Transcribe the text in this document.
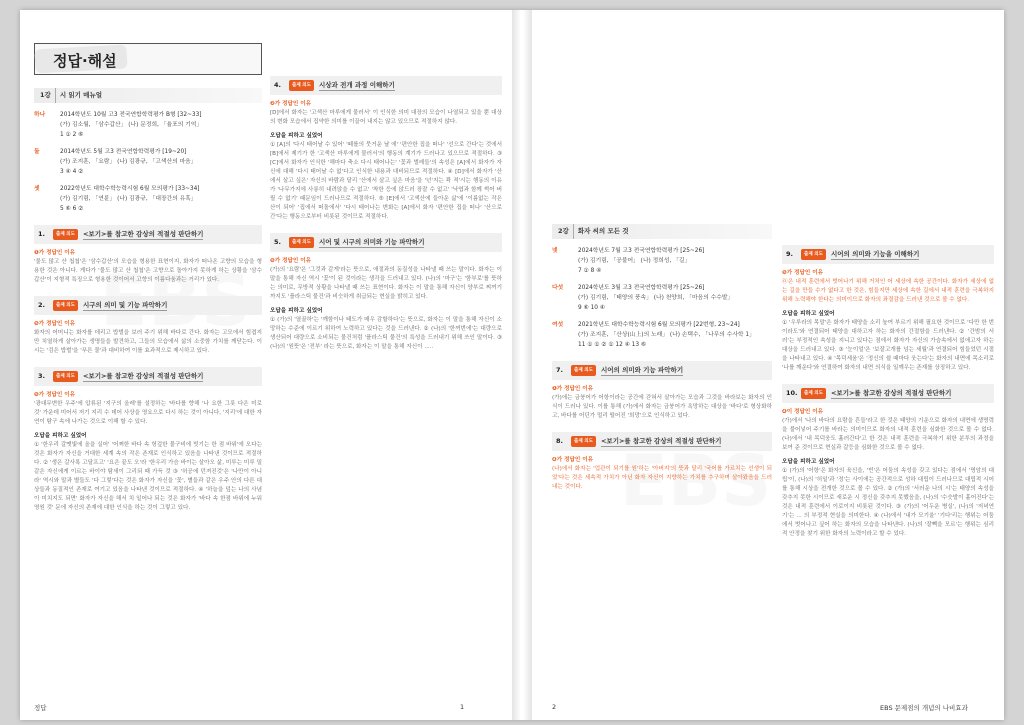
정답·해설
1강 시 읽기 매뉴얼
하나	2014학년도 10월 고3 전국연합학력평가 B형 [32~33]
(가) 김소월, 「삼수갑산」 (나) 문정희, 「율포의 기억」
1 ① 2 ⑥
둘	2014학년도 5월 고3 전국연합학력평가 [19~20]
(가) 조지훈, 「요람」 (나) 김광규, 「고색산의 마음」
3 ④ 4 ②
셋	2022학년도 대학수학능력시험 6월 모의평가 [33~34]
(가) 김기림, 「연륜」 (나) 김광규, 「대장간의 유혹」
5 ⑥ 6 ②
1.	출제 의도	<보기>를 참고한 감상의 적절성 판단하기
❶가 정답인 이유
'물도 많고 산 첩첩'은 '삼수갑산'의 모습을 형용한 표현이지, 화자가 떠나온 고향의 모습을 형용한 것은 아니다. 게다가 '물도 많고 산 첩첩'은 고향으로 돌아가지 못하게 하는 상황을 '삼수갑산'이 지형적 특징으로 형용한 것이어서 고향의 이름다움과는 거리가 있다.
2.	출제 의도	시구의 의미 및 기능 파악하기
❺가 정답인 이유
화자의 어머니는 화자를 데리고 밥벌을 보러 주기 위해 바다로 간다. 화자는 고모에서 힘겹지만 치열하게 살아가는 생명들을 발견하고, 그들의 모습에서 삶의 소중함 가치를 깨닫는다. 이 시는 '검은 밥벌'을 '푸른 물'과 대비하여 이를 효과적으로 제시하고 있다.
3.	출제 의도	<보기>를 참고한 감상의 적절성 판단하기
❺가 정답인 이유
'광대무변한 우주'에 압류된 '지구의 올레'를 설정하는 '바다를 향해 '나 요한 그릇 다은 미로 것' 가운데 미어서 저기 지리 수 데어 사상을 영요으로 다시 하는 것이 아니다, '지리'에 대한 자연이 탐구 속에 나가는 것으로 이해 할 수 있다.
오답을 피하고 싶었어
① '한우리 갈맷빛에 올을 실어' '어쩌한 바다 속 헝겊한 물구비에 빗기는 한 점 바위'에 오다는 것은 화자가 자신을 거대한 세계 속의 작은 존재로 인식하고 있음을 나타낸 것이므로 적절하다. ② '생은 갈사록 고달프고' '요은 끝도 오'라 '한우리 가슴 바이는 살아오 삶, 미루는 미루 밀 같은 자신에게 이르는 바이야 탐새이 그리되 때 가득 것 ③ '허공에 던져진것'은 '나만이 아니라' 역시와 말과 별들도 '다 그렇'다는 것은 화자가 자신을 '꽃', 별들과 같은 우주 안의 다른 대상들과 동질적인 존재로 여기고 있음을 나타낸 것이므로 적절하다. ④ '하늘을 덮는 나의 사념이 미치지도 되면' 화자가 자신을 해서 치 일어나 되는 것은 화자가 '바다 속 한점 바위에 누워 영원 것' 문에 자신의 존재에 대한 인식을 하는 것이 그렇고 있다.
4.	출제 의도	시상과 전개 과정 이해하기
❷가 정답인 이유
[D]에서 화자는 '고색산 마루에게 물러서' 이 인식한 의미 대장의 모습이 나열되고 있을 뿐 대상의 변화 모습에서 집약한 의미를 이끌어 내지는 않고 있으므로 적절하지 않다.
오답을 피하고 싶었어
① [A]의 '다시 태어날 수 있어' '떼를의 뭇거운 날 에' '편안한 집을 떠나' '선으로 간다'는 것에서 [B]에서 제기가 한 '고색산 마루에게 물러서'의 행동의 계기가 드러나고 있으므로 적절하다. ③ [C]에서 화자가 인식한 '해마다 축소 다시 태어나는' '꽃과 벌레들'의 속성은 [A]에서 화자가 자신에 대해 '다시 태어날 수 없'다고 인식한 내용과 대비되므로 적절하다. ④ [D]에서 화자가 '산에서 살고 싶은' 자신의 바람과 달리 '산에서 살고 싶은 마음'을 '넌'지는 꽉 적'시는 행동의 이유가 '나무가지에 사롱히 내려앉을 수 없고' '착한 등에 앉드러 장잘 수 없고' '낙엽과 함께 썩어 버릴 수 없기' 때문임이 드러나므로 적절하다. ⑤ [E]에서 '고색산에 들아운 삶'에 '이름없는 작은 산이 되어' '집에서 떠돌에서' '다시 태어나는 변화는 [A]에서 화자 '편안한 집을 떠나' '산으로 간'다는 행동으로부터 비롯된 것이므로 적절하다.
5.	출제 의도	시어 및 시구의 의미와 기능 파악하기
❺가 정답인 이유
(가)의 '요람'은 '그것과 같게'라는 뜻으로, 애절과의 동질성을 나타낼 때 쓰는 말이다. 화자는 이 말을 통해 자신 역시 '꽃'이 된 것이라는 생각을 드러내고 있다. (나)의 '마구'는 '함부로'를 뜻하는 의미로, 무방적 상황을 나타낼 때 쓰는 표현이다. 화자는 이 말을 통해 자신이 양부로 찌꺼기까지도 '플라스틱 물건'과 비슷하게 취급되는 현실을 밝히고 있다.
오답을 피하고 싶었어
① (가)의 '열꿀하'는 '깨함이나 태도가 매우 감할하다'는 뜻으로, 화자는 이 말을 통해 자신이 소망하는 수준에 이르기 위하여 노력하고 있다는 것을 드러낸다. ② (나)의 '한꺼번에'는 대량으로 생산되어 대량으로 소비되는 물건처럼 '플라스틱 물건'의 특성을 드러내기 위해 쓰인 말이다. ③ (나)의 '원뜻'은 '전부' 라는 뜻으로, 화자는 이 말을 통해 자신이 .....
정답	1
2강 화자 씨의 모든 것
넷	2024학년도 7월 고3 전국연합학력평가 [25~26]
(가) 김기림, 「공불어」 (나) 정희성, 「길」
7 ① 8 ④
다섯	2024학년도 3월 고3 전국연합학력평가 [25~26]
(가) 김기림, 「태양의 풍속」 (나) 천양희, 「마음의 수수발」
9 ⑥ 10 ④
여섯	2021학년도 대학수학능력시험 6월 모의평가 [22번형, 23~24]
(가) 조지훈, 「산상(山上)의 노래」 (나) 손택수, 「나무의 수사학 1」
11 ① ① ② ① 12 ④ 13 ⑥
7.	출제 의도	시어의 의미와 기능 파악하기
❶가 정답인 이유
(가)에는 금붕어가 어항이라는 공간에 갇혀서 살아가는 모습과 그것을 바라보는 화자의 인식이 드러나 있다. 이를 통해 (가)에서 화자는 금붕어가 욕망하는 대상을 '바다'로 형상화하고, 바다를 어딘가 멀리 떨어진 '희망'으로 인식하고 있다.
8.	출제 의도	<보기>를 참고한 감상의 적절성 판단하기
❹가 정답인 이유
(나)에서 화자는 '업관이 되기를 원'하는 '아버지'의 뜻과 달리 '국어를 가르치는 선생이 되었'다는 것은 세속적 가치가 아닌 화자 자신이 지향하는 가치를 추구하며 살아왔음을 드러내는 것이다.
9.	출제 의도	시어의 의미와 기능을 이해하기
❺가 정답인 이유
㉤은 내적 훈련에서 벗어나기 위해 거처인 어 세상에 속한 공간이다. 화자가 세상에 없는 길을 만들 수가 없다고 한 것은, 힘들지만 세상에 속한 길에서 내적 훈련을 극복하지 위해 노력해야 한다는 의미이므로 화자의 좌절감을 드러낸 것으로 볼 수 없다.
오답을 피하고 싶었어
① '우루라의 목말'은 화자가 태양을 소리 높여 부르기 위해 필요한 것이므로 '다만 한 번이라도'와 연결되어 태양을 대하고자 하는 화자의 간절함을 드러낸다. ② '간밤의 서러'는 부정적인 속성을 지니고 있다는 점에서 화자가 자신의 가슴속에서 없애고자 하는 대상을 드러내고 있다. ③ '눈이얼'은 '보잘고개를 넘는 세월'과 연결되어 힘들었던 시절을 나타내고 있다. ④ '목덕세움'은 '정신의 쉴 때마다 웃는다'는 화자의 내면에 목소리로 '나를 깨운다'와 연결하여 화자의 내면 의식을 일깨우는 존재를 상징하고 있다.
10.	출제 의도	<보기>를 참고한 감상의 적절성 판단하기
❹이 정답인 이유
(가)에서 '나의 바다의 요람을 흔들'라고 한 것은 태양의 기운으로 화자의 내면에 생명력을 불어넣어 주기를 바라는 의미이므로 화자의 내적 훈련을 심화한 것으로 볼 수 없다. (나)에서 '내 목덕웅도 흘러간다'고 한 것은 내적 훈련을 극복하기 위한 분투의 과정을 보여 준 것이므로 현실과 갈등을 심화한 것으로 볼 수 없다.
오답을 피하고 싶었어
① (가)의 '어항'은 화자의 육신을, '빈'은 어둠의 속성을 갖고 있다는 점에서 '명암의 대립'이, (나)의 '허일'과 '정'는 사이에는 공간적으로 성하 대립이 드러나므로 대립적 시어를 통해 시상을 전개한 것으로 볼 수 있다. ② (가)의 '서러운 나의 시'는 태양의 속성을 갖추지 못한 시이므로 새로운 시 정신을 갖추지 못했음을, (나)의 '수숫발이 흩어진다'는 것은 내적 훈련에서 이로이지 비롯된 것이다. ③ (가)의 '어두운 병실', (나)의 '저녁연기'는 ... 의 부정적 현실을 의미한다. ④ (나)에서 '내가 모기울' '기다'리는 행위는 어둠에서 벗어나고 싶어 하는 화자의 모습을 나타낸다. (나)의 '잘빽을 모르'는 행위는 심리적 안정을 찾기 위한 화자의 노력이라고 할 수 있다.
2	EBS 문제점의 개념의 나비효과
